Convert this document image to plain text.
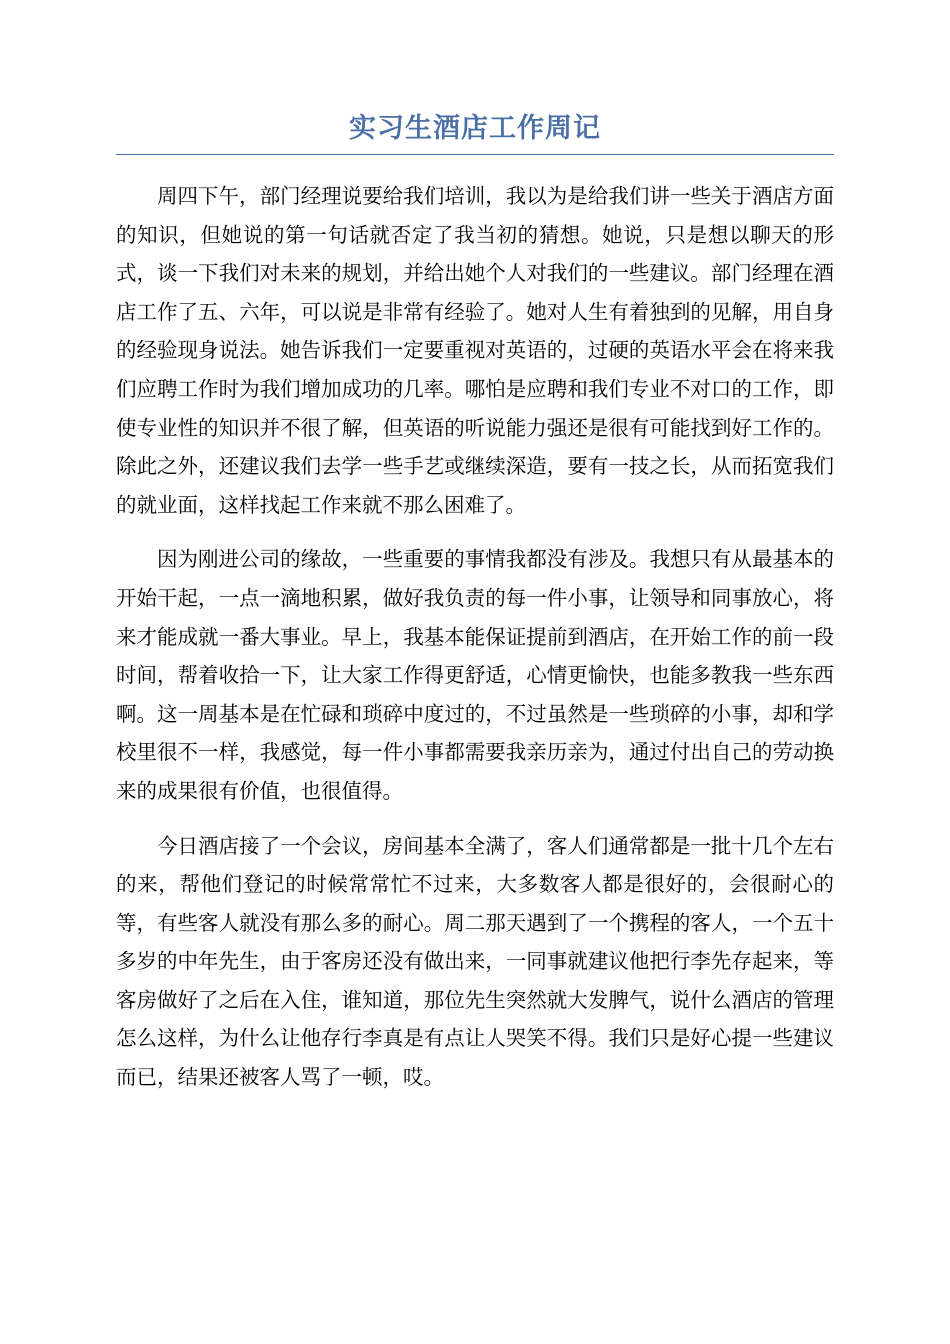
实习生酒店工作周记

周四下午，部门经理说要给我们培训，我以为是给我们讲一些关于酒店方面的知识，但她说的第一句话就否定了我当初的猜想。她说，只是想以聊天的形式，谈一下我们对未来的规划，并给出她个人对我们的一些建议。部门经理在酒店工作了五、六年，可以说是非常有经验了。她对人生有着独到的见解，用自身的经验现身说法。她告诉我们一定要重视对英语的，过硬的英语水平会在将来我们应聘工作时为我们增加成功的几率。哪怕是应聘和我们专业不对口的工作，即使专业性的知识并不很了解，但英语的听说能力强还是很有可能找到好工作的。除此之外，还建议我们去学一些手艺或继续深造，要有一技之长，从而拓宽我们的就业面，这样找起工作来就不那么困难了。

因为刚进公司的缘故，一些重要的事情我都没有涉及。我想只有从最基本的开始干起，一点一滴地积累，做好我负责的每一件小事，让领导和同事放心，将来才能成就一番大事业。早上，我基本能保证提前到酒店，在开始工作的前一段时间，帮着收拾一下，让大家工作得更舒适，心情更愉快，也能多教我一些东西啊。这一周基本是在忙碌和琐碎中度过的，不过虽然是一些琐碎的小事，却和学校里很不一样，我感觉，每一件小事都需要我亲历亲为，通过付出自己的劳动换来的成果很有价值，也很值得。

今日酒店接了一个会议，房间基本全满了，客人们通常都是一批十几个左右的来，帮他们登记的时候常常忙不过来，大多数客人都是很好的，会很耐心的等，有些客人就没有那么多的耐心。周二那天遇到了一个携程的客人，一个五十多岁的中年先生，由于客房还没有做出来，一同事就建议他把行李先存起来，等客房做好了之后在入住，谁知道，那位先生突然就大发脾气，说什么酒店的管理怎么这样，为什么让他存行李真是有点让人哭笑不得。我们只是好心提一些建议而已，结果还被客人骂了一顿，哎。
